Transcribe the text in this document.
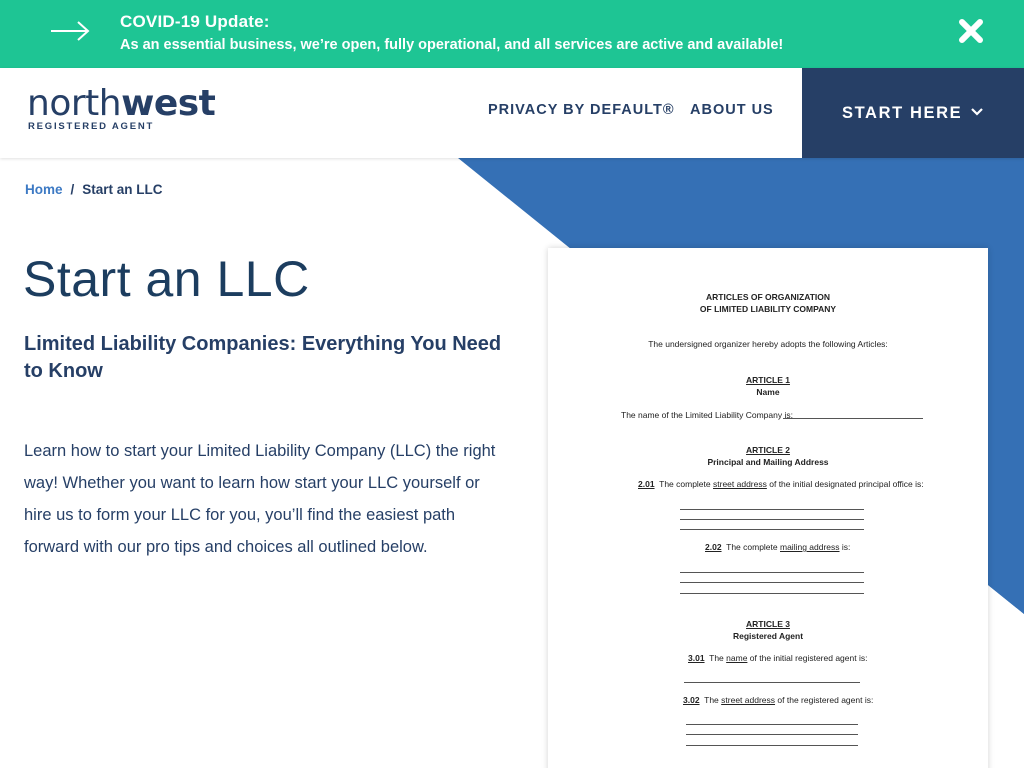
COVID-19 Update:
As an essential business, we’re open, fully operational, and all services are active and available!
northwest
REGISTERED AGENT
PRIVACY BY DEFAULT® ABOUT US	START HERE
Home / Start an LLC
Start an LLC
Limited Liability Companies: Everything You Need to Know

Learn how to start your Limited Liability Company (LLC) the right way! Whether you want to learn how start your LLC yourself or hire us to form your LLC for you, you’ll find the easiest path forward with our pro tips and choices all outlined below.

ARTICLES OF ORGANIZATION
OF LIMITED LIABILITY COMPANY
The undersigned organizer hereby adopts the following Articles:
ARTICLE 1
Name
The name of the Limited Liability Company is:
ARTICLE 2
Principal and Mailing Address
2.01 The complete street address of the initial designated principal office is:
2.02 The complete mailing address is:
ARTICLE 3
Registered Agent
3.01 The name of the initial registered agent is:
3.02 The street address of the registered agent is:
